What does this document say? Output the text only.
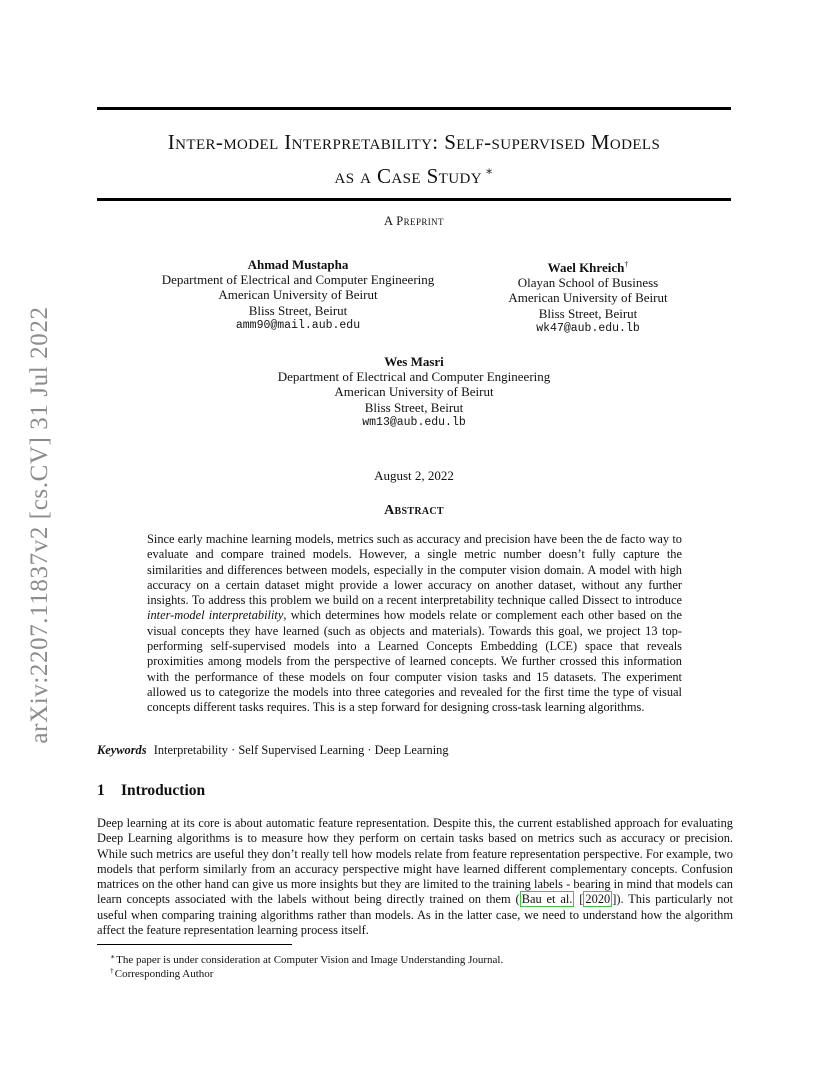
arXiv:2207.11837v2 [cs.CV] 31 Jul 2022
Inter-model Interpretability: Self-supervised Models
as a Case Study ∗
A Preprint
Ahmad Mustapha
Department of Electrical and Computer Engineering
American University of Beirut
Bliss Street, Beirut
amm90@mail.aub.edu
Wael Khreich†
Olayan School of Business
American University of Beirut
Bliss Street, Beirut
wk47@aub.edu.lb
Wes Masri
Department of Electrical and Computer Engineering
American University of Beirut
Bliss Street, Beirut
wm13@aub.edu.lb
August 2, 2022
Abstract
Since early machine learning models, metrics such as accuracy and precision have been the de facto way to evaluate and compare trained models. However, a single metric number doesn’t fully capture the similarities and differences between models, especially in the computer vision domain. A model with high accuracy on a certain dataset might provide a lower accuracy on another dataset, without any further insights. To address this problem we build on a recent interpretability technique called Dissect to introduce inter-model interpretability, which determines how models relate or complement each other based on the visual concepts they have learned (such as objects and materials). Towards this goal, we project 13 top-performing self-supervised models into a Learned Concepts Embedding (LCE) space that reveals proximities among models from the perspective of learned concepts. We further crossed this information with the performance of these models on four computer vision tasks and 15 datasets. The experiment allowed us to categorize the models into three categories and revealed for the first time the type of visual concepts different tasks requires. This is a step forward for designing cross-task learning algorithms.
Keywords Interpretability · Self Supervised Learning · Deep Learning
1 Introduction
Deep learning at its core is about automatic feature representation. Despite this, the current established approach for evaluating Deep Learning algorithms is to measure how they perform on certain tasks based on metrics such as accuracy or precision. While such metrics are useful they don’t really tell how models relate from feature representation perspective. For example, two models that perform similarly from an accuracy perspective might have learned different complementary concepts. Confusion matrices on the other hand can give us more insights but they are limited to the training labels - bearing in mind that models can learn concepts associated with the labels without being directly trained on them ( Bau et al. [ 2020 ]). This particularly not useful when comparing training algorithms rather than models. As in the latter case, we need to understand how the algorithm affect the feature representation learning process itself.
∗The paper is under consideration at Computer Vision and Image Understanding Journal.
†Corresponding Author
